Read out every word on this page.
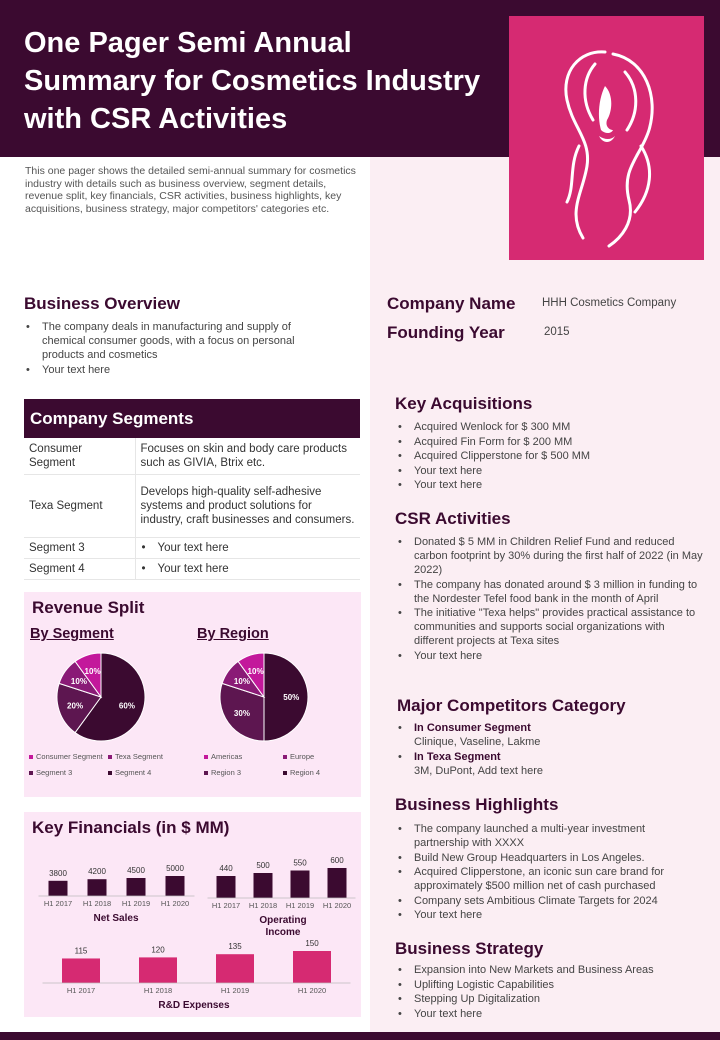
One Pager Semi Annual Summary for Cosmetics Industry with CSR Activities
This one pager shows the detailed semi-annual summary for cosmetics industry with details such as business overview, segment details, revenue split, key financials, CSR activities, business highlights, key acquisitions, business strategy, major competitors' categories etc.
Business Overview
• The company deals in manufacturing and supply of chemical consumer goods, with a focus on personal products and cosmetics
• Your text here
Company Segments
Consumer Segment	Focuses on skin and body care products such as GIVIA, Btrix etc.
Texa Segment	Develops high-quality self-adhesive systems and product solutions for industry, craft businesses and consumers.
Segment 3	• Your text here
Segment 4	• Your text here
Revenue Split
By Segment	By Region
60%
20%
10%
10%
50%
30%
10%
10%
Consumer Segment Texa Segment
Segment 3	Segment 4
Americas	Europe
Region 3	Region 4
Key Financials (in $ MM)
3800
H1 2017
4200
H1 2018
4500
H1 2019
5000
H1 2020
Net Sales
440
H1 2017
500
H1 2018
550
H1 2019
600
H1 2020
Operating
Income
115
H1 2017
120
H1 2018
135
H1 2019
150
H1 2020
R&D Expenses
Company Name HHH Cosmetics Company
Founding Year	2015
Key Acquisitions
• Acquired Wenlock for $ 300 MM
• Acquired Fin Form for $ 200 MM
• Acquired Clipperstone for $ 500 MM
• Your text here
• Your text here
CSR Activities
• Donated $ 5 MM in Children Relief Fund and reduced carbon footprint by 30% during the first half of 2022 (in May 2022)
• The company has donated around $ 3 million in funding to the Nordester Tefel food bank in the month of April
• The initiative "Texa helps" provides practical assistance to communities and supports social organizations with different projects at Texa sites
• Your text here
Major Competitors Category
• In Consumer Segment
Clinique, Vaseline, Lakme
• In Texa Segment
3M, DuPont, Add text here
Business Highlights
• The company launched a multi-year investment partnership with XXXX
• Build New Group Headquarters in Los Angeles.
• Acquired Clipperstone, an iconic sun care brand for approximately $500 million net of cash purchased
• Company sets Ambitious Climate Targets for 2024
• Your text here
Business Strategy
• Expansion into New Markets and Business Areas
• Uplifting Logistic Capabilities
• Stepping Up Digitalization
• Your text here
